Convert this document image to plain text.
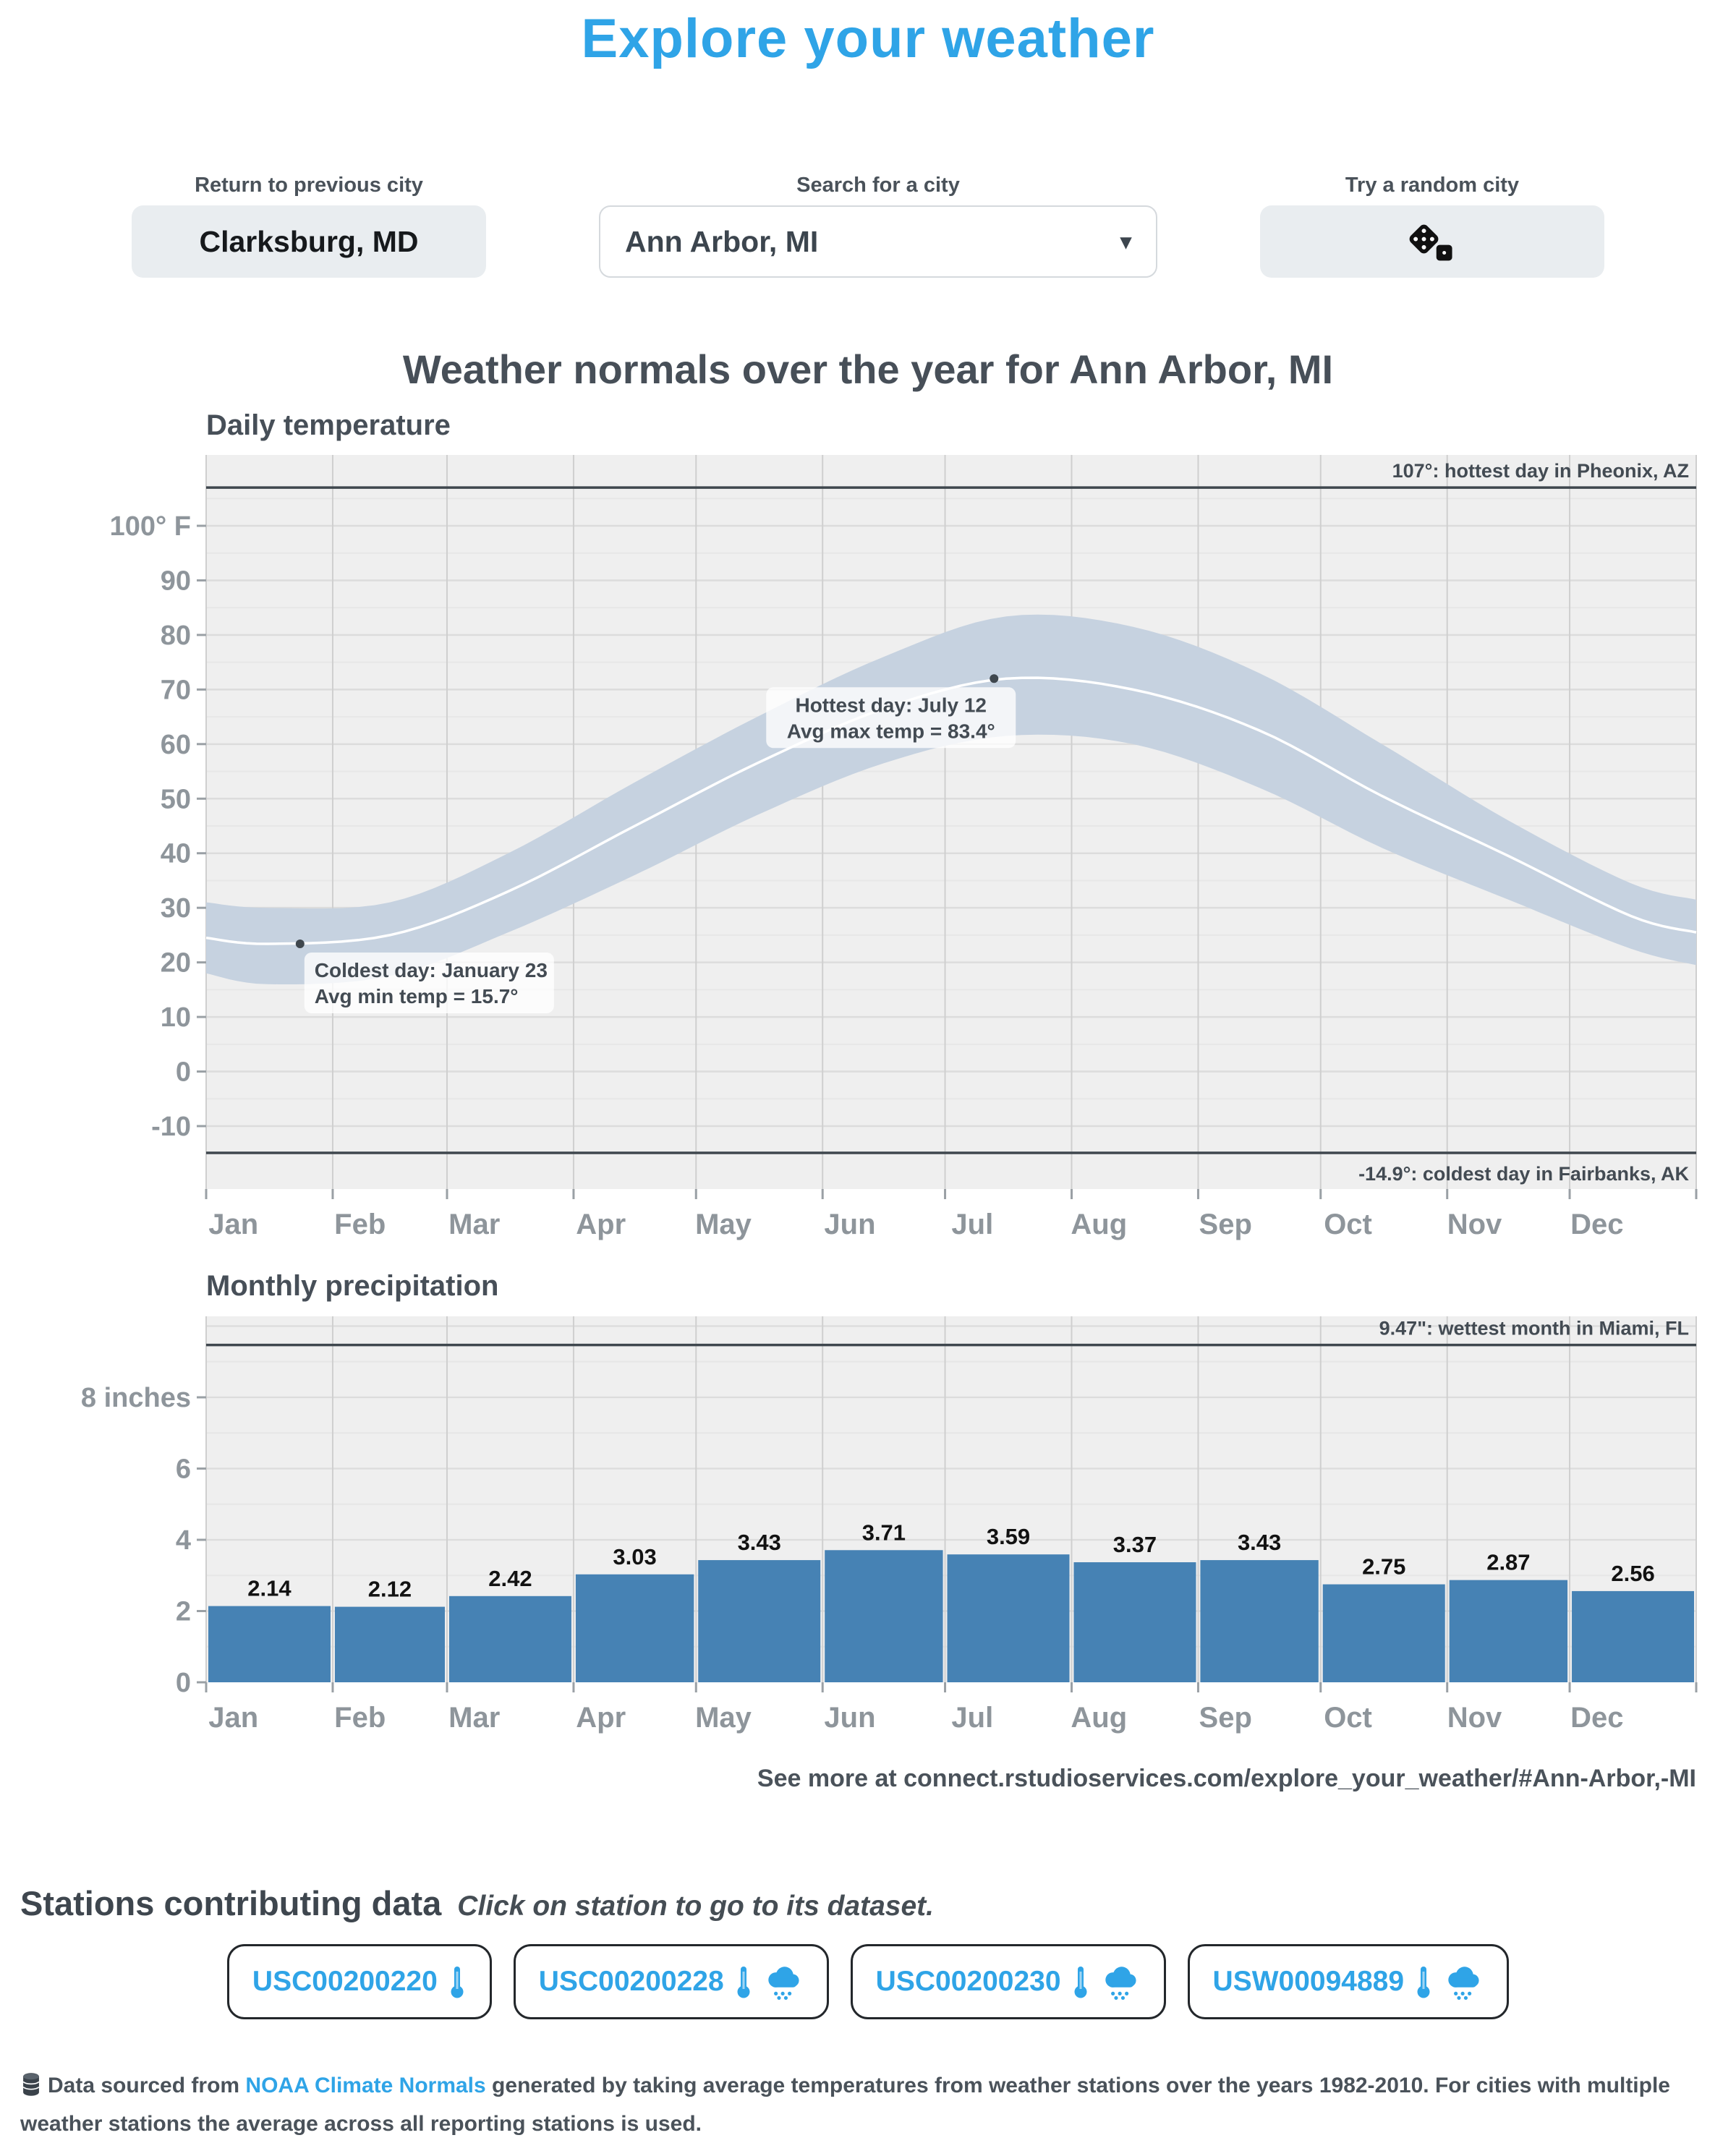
Explore your weather
Return to previous city
Clarksburg, MD
Search for a city
Ann Arbor, MI	▾
Try a random city
Weather normals over the year for Ann Arbor, MI
Daily temperature
107°: hottest day in Pheonix, AZ
-14.9°: coldest day in Fairbanks, AK
100° F
90
80
70
60
50
40
30
20
10
0
-10
Jan	Feb Mar	Apr May	Jun	Jul	Aug Sep Oct	Nov Dec
Hottest day: July 12
Avg max temp = 83.4°
Coldest day: January 23
Avg min temp = 15.7°
Monthly precipitation
2.14	2.12	2.42
3.03
3.43	3.71	3.59	3.37	3.43
2.75	2.87	2.56
9.47": wettest month in Miami, FL
8 inches
6
4
2
0
Jan	Feb Mar	Apr May	Jun	Jul	Aug Sep Oct	Nov Dec
See more at connect.rstudioservices.com/explore_your_weather/#Ann-Arbor,-MI
Stations contributing data Click on station to go to its dataset.
USC00200220	USC00200228	USC00200230	USW00094889
Data sourced from NOAA Climate Normals generated by taking average temperatures from weather stations over the years 1982-2010. For cities with multiple weather stations the average across all reporting stations is used.
